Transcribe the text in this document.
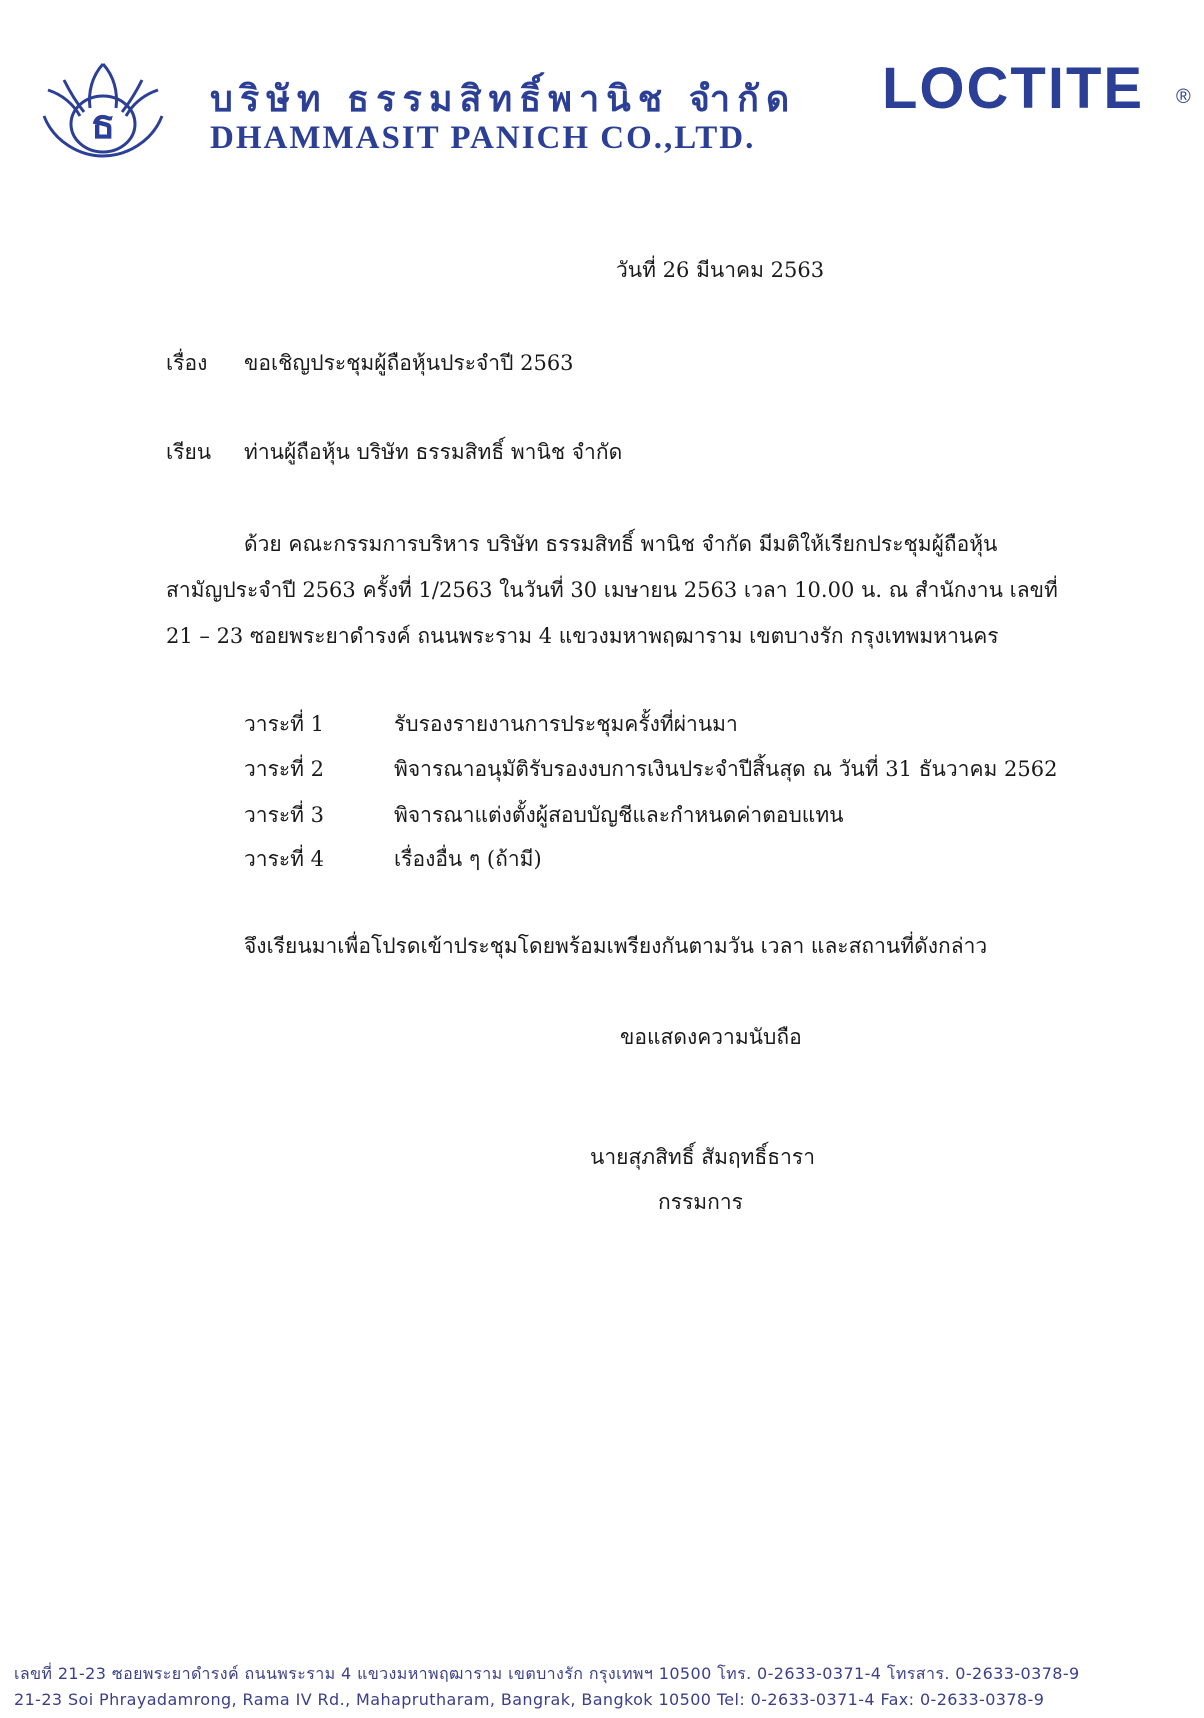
ธ
บริษัท ธรรมสิทธิ์พานิช จำกัด
DHAMMASIT PANICH CO.,LTD.
LOCTITE ®
วันที่ 26 มีนาคม 2563
เรื่อง ขอเชิญประชุมผู้ถือหุ้นประจำปี 2563
เรียน ท่านผู้ถือหุ้น บริษัท ธรรมสิทธิ์ พานิช จำกัด
ด้วย คณะกรรมการบริหาร บริษัท ธรรมสิทธิ์ พานิช จำกัด มีมติให้เรียกประชุมผู้ถือหุ้น
สามัญประจำปี 2563 ครั้งที่ 1/2563 ในวันที่ 30 เมษายน 2563 เวลา 10.00 น. ณ สำนักงาน เลขที่
21 – 23 ซอยพระยาดำรงค์ ถนนพระราม 4 แขวงมหาพฤฒาราม เขตบางรัก กรุงเทพมหานคร
วาระที่ 1	รับรองรายงานการประชุมครั้งที่ผ่านมา
วาระที่ 2	พิจารณาอนุมัติรับรองงบการเงินประจำปีสิ้นสุด ณ วันที่ 31 ธันวาคม 2562
วาระที่ 3	พิจารณาแต่งตั้งผู้สอบบัญชีและกำหนดค่าตอบแทน
วาระที่ 4	เรื่องอื่น ๆ (ถ้ามี)
จึงเรียนมาเพื่อโปรดเข้าประชุมโดยพร้อมเพรียงกันตามวัน เวลา และสถานที่ดังกล่าว
ขอแสดงความนับถือ
นายสุภสิทธิ์ สัมฤทธิ์ธารา
กรรมการ
เลขที่ 21-23 ซอยพระยาดำรงค์ ถนนพระราม 4 แขวงมหาพฤฒาราม เขตบางรัก กรุงเทพฯ 10500 โทร. 0-2633-0371-4 โทรสาร. 0-2633-0378-9
21-23 Soi Phrayadamrong, Rama IV Rd., Mahaprutharam, Bangrak, Bangkok 10500 Tel: 0-2633-0371-4 Fax: 0-2633-0378-9
